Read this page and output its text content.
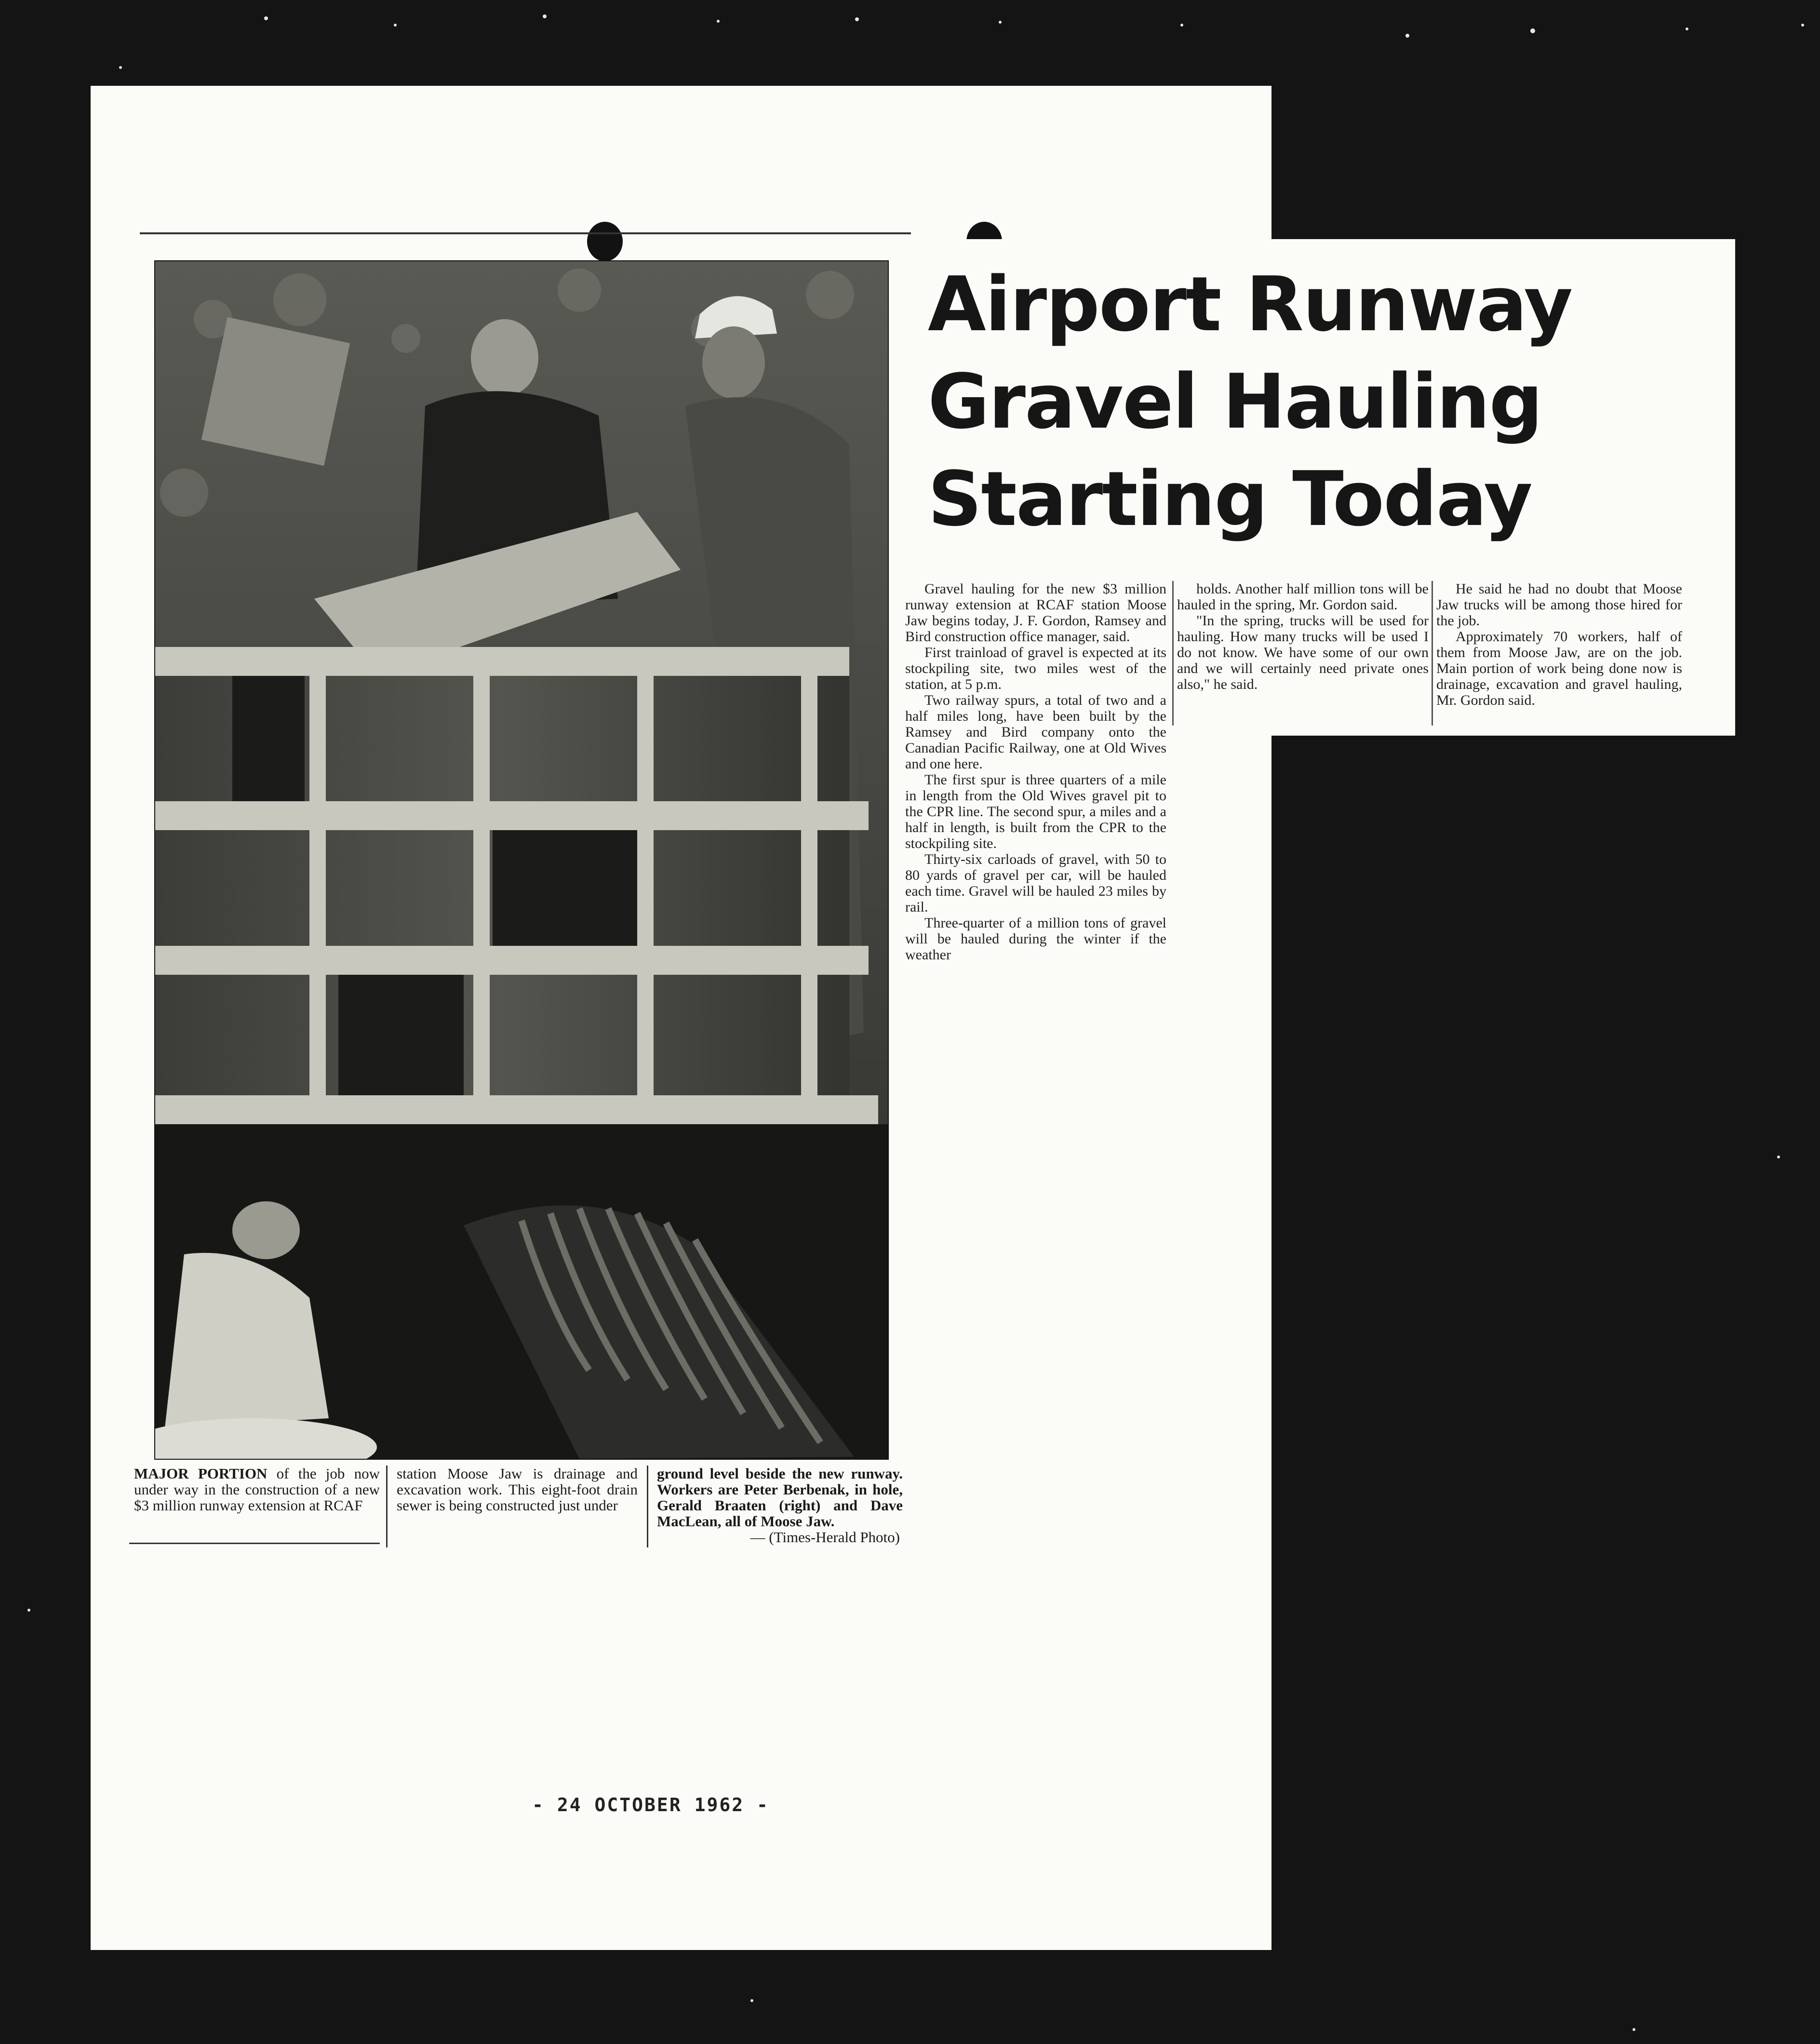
MAJOR PORTION of the job now under way in the construction of a new $3 million runway extension at RCAF
station Moose Jaw is drainage and excavation work. This eight-foot drain sewer is being constructed just under
ground level beside the new runway. Workers are Peter Berbenak, in hole, Gerald Braaten (right) and Dave MacLean, all of Moose Jaw.
— (Times-Herald Photo)
Airport Runway
Gravel Hauling
Starting Today

Gravel hauling for the new $3 million runway extension at RCAF station Moose Jaw begins today, J. F. Gordon, Ramsey and Bird construction office manager, said.

First trainload of gravel is expected at its stockpiling site, two miles west of the station, at 5 p.m.

Two railway spurs, a total of two and a half miles long, have been built by the Ramsey and Bird company onto the Canadian Pacific Railway, one at Old Wives and one here.

The first spur is three quarters of a mile in length from the Old Wives gravel pit to the CPR line. The second spur, a miles and a half in length, is built from the CPR to the stockpiling site.

Thirty-six carloads of gravel, with 50 to 80 yards of gravel per car, will be hauled each time. Gravel will be hauled 23 miles by rail.

Three-quarter of a million tons of gravel will be hauled during the winter if the weather

holds. Another half million tons will be hauled in the spring, Mr. Gordon said.

"In the spring, trucks will be used for hauling. How many trucks will be used I do not know. We have some of our own and we will certainly need private ones also," he said.

He said he had no doubt that Moose Jaw trucks will be among those hired for the job.

Approximately 70 workers, half of them from Moose Jaw, are on the job. Main portion of work being done now is drainage, excavation and gravel hauling, Mr. Gordon said.

- 24 OCTOBER 1962 -
